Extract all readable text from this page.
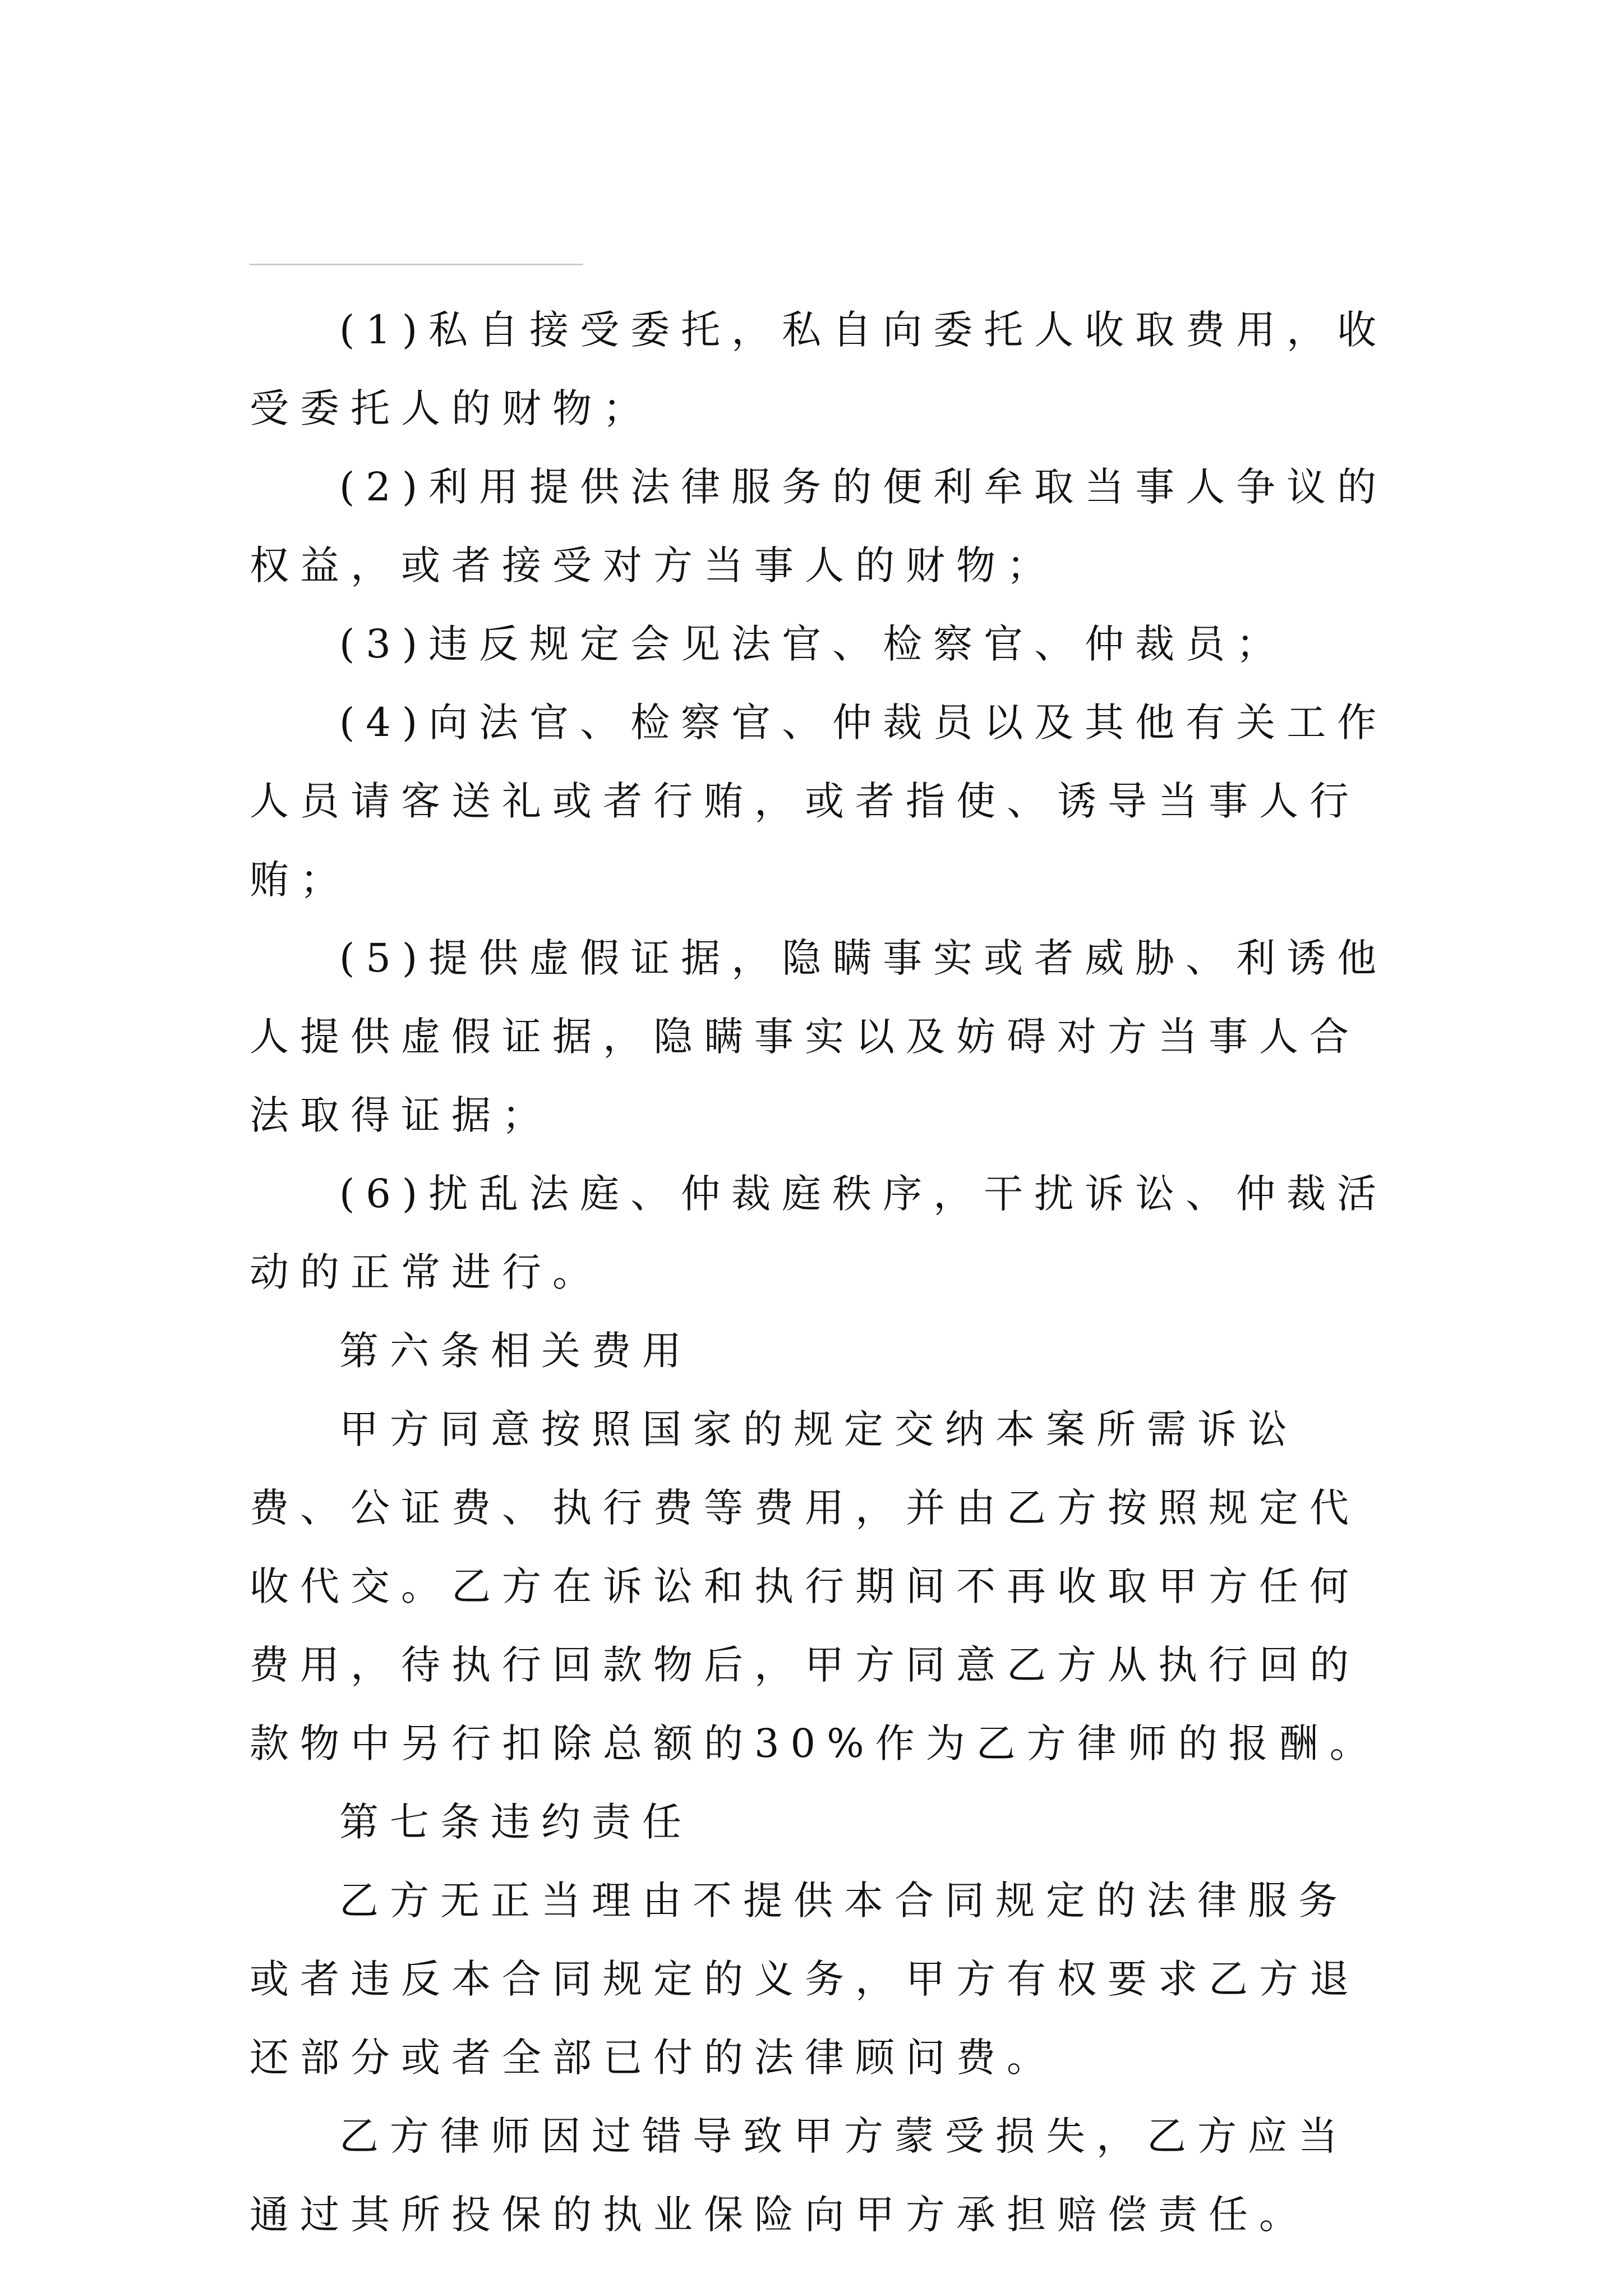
(1)私自接受委托，私自向委托人收取费用，收受委托人的财物；

(2)利用提供法律服务的便利牟取当事人争议的权益，或者接受对方当事人的财物；

(3)违反规定会见法官、检察官、仲裁员；

(4)向法官、检察官、仲裁员以及其他有关工作人员请客送礼或者行贿，或者指使、诱导当事人行贿；

(5)提供虚假证据，隐瞒事实或者威胁、利诱他人提供虚假证据，隐瞒事实以及妨碍对方当事人合法取得证据；

(6)扰乱法庭、仲裁庭秩序，干扰诉讼、仲裁活动的正常进行。

第六条相关费用

甲方同意按照国家的规定交纳本案所需诉讼费、公证费、执行费等费用，并由乙方按照规定代收代交。乙方在诉讼和执行期间不再收取甲方任何费用，待执行回款物后，甲方同意乙方从执行回的款物中另行扣除总额的30%作为乙方律师的报酬。

第七条违约责任

乙方无正当理由不提供本合同规定的法律服务或者违反本合同规定的义务，甲方有权要求乙方退还部分或者全部已付的法律顾问费。

乙方律师因过错导致甲方蒙受损失，乙方应当通过其所投保的执业保险向甲方承担赔偿责任。
